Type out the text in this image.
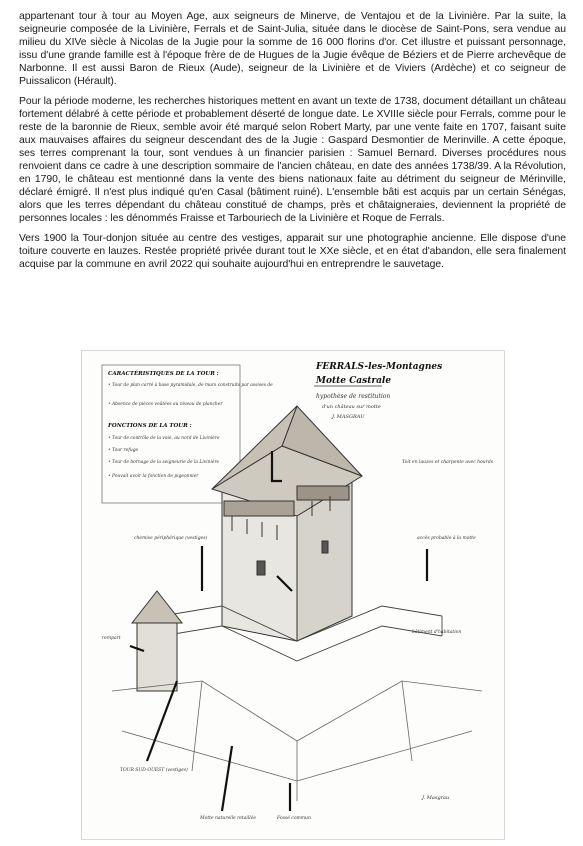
appartenant tour à tour au Moyen Age, aux seigneurs de Minerve, de Ventajou et de la Livinière. Par la suite, la seigneurie composée de la Livinière, Ferrals et de Saint-Julia, située dans le diocèse de Saint-Pons, sera vendue au milieu du XIVe siècle à Nicolas de la Jugie pour la somme de 16 000 florins d'or. Cet illustre et puissant personnage, issu d'une grande famille est à l'époque frère de de Hugues de la Jugie évêque de Béziers et de Pierre archevêque de Narbonne. Il est aussi Baron de Rieux (Aude), seigneur de la Livinière et de Viviers (Ardèche) et co seigneur de Puissalicon (Hérault).

Pour la période moderne, les recherches historiques mettent en avant un texte de 1738, document détaillant un château fortement délabré à cette période et probablement déserté de longue date. Le XVIIIe siècle pour Ferrals, comme pour le reste de la baronnie de Rieux, semble avoir été marqué selon Robert Marty, par une vente faite en 1707, faisant suite aux mauvaises affaires du seigneur descendant des de la Jugie : Gaspard Desmontier de Merinville. A cette époque, ses terres comprenant la tour, sont vendues à un financier parisien : Samuel Bernard. Diverses procédures nous renvoient dans ce cadre à une description sommaire de l'ancien château, en date des années 1738/39. A la Révolution, en 1790, le château est mentionné dans la vente des biens nationaux faite au détriment du seigneur de Mérinville, déclaré émigré. Il n'est plus indiqué qu'en Casal (bâtiment ruiné). L'ensemble bâti est acquis par un certain Sénégas, alors que les terres dépendant du château constitué de champs, près et châtaigneraies, deviennent la propriété de personnes locales : les dénommés Fraisse et Tarbouriech de la Livinière et Roque de Ferrals.

Vers 1900 la Tour-donjon située au centre des vestiges, apparait sur une photographie ancienne. Elle dispose d'une toiture couverte en lauzes. Restée propriété privée durant tout le XXe siècle, et en état d'abandon, elle sera finalement acquise par la commune en avril 2022 qui souhaite aujourd'hui en entreprendre le sauvetage.

CARACTÉRISTIQUES DE LA TOUR :
• Tour de plan carré à base pyramidale, de murs construits par assises de
• Absence de pièces voûtées au niveau de plancher
FONCTIONS DE LA TOUR :
• Tour de contrôle de la voie, au nord de Livinière
• Tour refuge
• Tour de bornage de la seigneurie de la Livinière
• Pouvait avoir la fonction de pigeonnier
FERRALS-les-Montagnes
Motte Castrale
hypothèse de restitution
d'un château sur motte
J. MASGRAU
Toit en lauzes et charpente avec hourds
chemise périphérique (vestiges)	accès probable à la motte
bâtiment d'habitation
rempart
TOUR SUD-OUEST (vestiges)
Motte naturelle retaillée	Fossé commun
J. Masgrau
